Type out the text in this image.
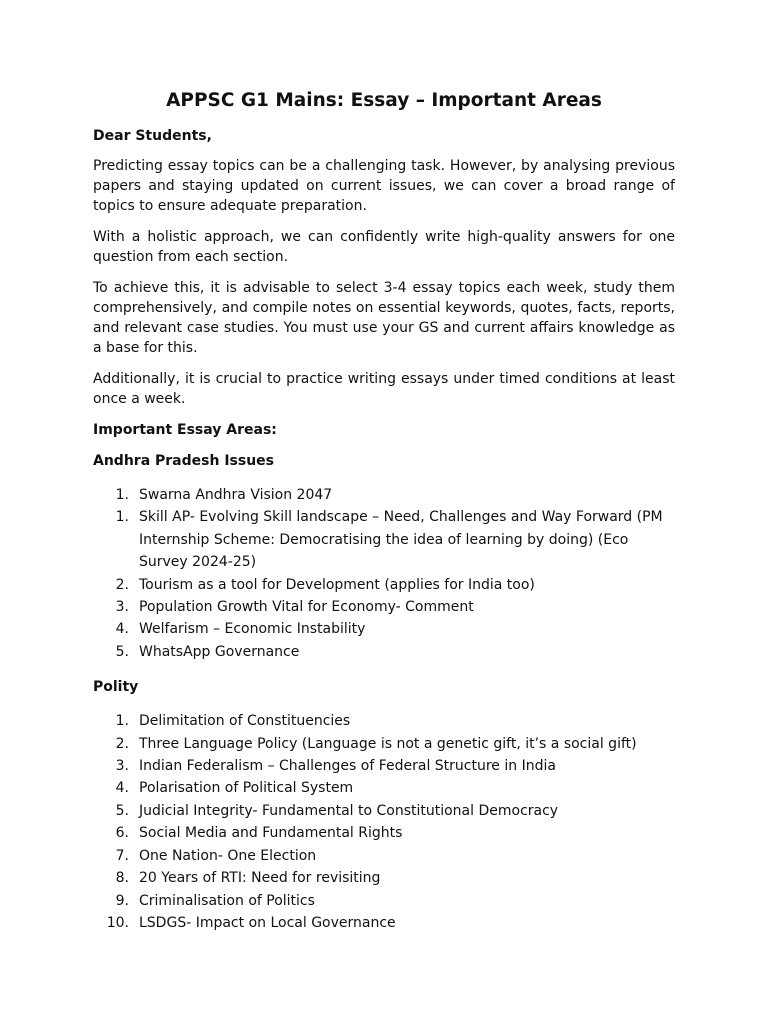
APPSC G1 Mains: Essay – Important Areas
Dear Students,

Predicting essay topics can be a challenging task. However, by analysing previous papers and staying updated on current issues, we can cover a broad range of topics to ensure adequate preparation.

With a holistic approach, we can confidently write high-quality answers for one question from each section.

To achieve this, it is advisable to select 3-4 essay topics each week, study them comprehensively, and compile notes on essential keywords, quotes, facts, reports, and relevant case studies. You must use your GS and current affairs knowledge as a base for this.

Additionally, it is crucial to practice writing essays under timed conditions at least once a week.

Important Essay Areas:
Andhra Pradesh Issues
1. Swarna Andhra Vision 2047
1. Skill AP- Evolving Skill landscape – Need, Challenges and Way Forward (PM Internship Scheme: Democratising the idea of learning by doing) (Eco Survey 2024-25)
2. Tourism as a tool for Development (applies for India too)
3. Population Growth Vital for Economy- Comment
4. Welfarism – Economic Instability
5. WhatsApp Governance
Polity
1. Delimitation of Constituencies
2. Three Language Policy (Language is not a genetic gift, it’s a social gift)
3. Indian Federalism – Challenges of Federal Structure in India
4. Polarisation of Political System
5. Judicial Integrity- Fundamental to Constitutional Democracy
6. Social Media and Fundamental Rights
7. One Nation- One Election
8. 20 Years of RTI: Need for revisiting
9. Criminalisation of Politics
10. LSDGS- Impact on Local Governance
